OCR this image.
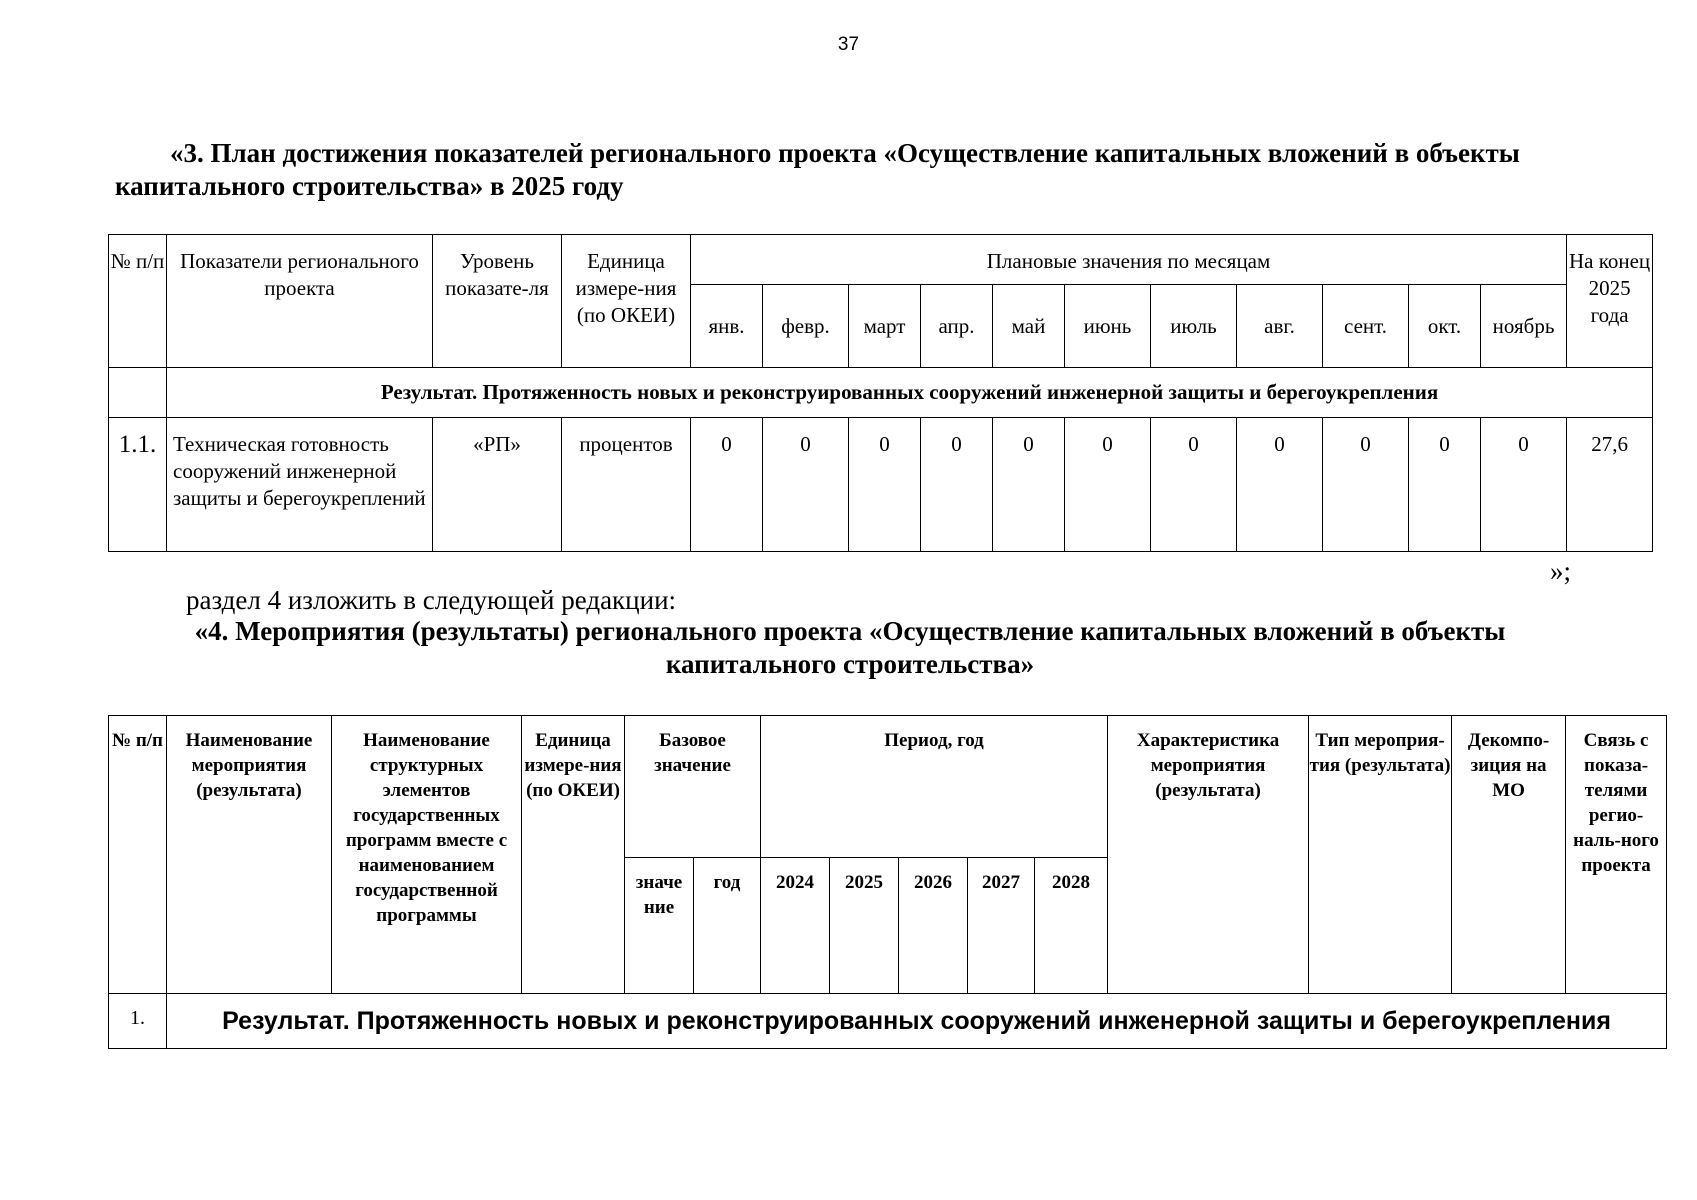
37
«3. План достижения показателей регионального проекта «Осуществление капитальных вложений в объекты капитального строительства» в 2025 году
№ п/п	Показатели регионального проекта	Уровень показате-ля	Единица измере-ния (по ОКЕИ)	Плановые значения по месяцам											На конец 2025 года
				янв.	февр.	март	апр.	май	июнь	июль	авг.	сент.	окт.	ноябрь	
	Результат. Протяженность новых и реконструированных сооружений инженерной защиты и берегоукрепления														
1.1.	Техническая готовность сооружений инженерной защиты и берегоукреплений	«РП»	процентов	0	0	0	0	0	0	0	0	0	0	0	27,6
»;
раздел 4 изложить в следующей редакции:
«4. Мероприятия (результаты) регионального проекта «Осуществление капитальных вложений в объекты капитального строительства»
№ п/п	Наименование мероприятия (результата)	Наименование структурных элементов государственных программ вместе с наименованием государственной программы	Единица измере-ния (по ОКЕИ)	Базовое значение		Период, год					Характеристика мероприятия (результата)	Тип мероприя-тия (результата)	Декомпо-зиция на МО	Связь с показа-телями регио-наль-ного проекта
				значе ние	год	2024	2025	2026	2027	2028				
1.	Результат. Протяженность новых и реконструированных сооружений инженерной защиты и берегоукрепления													
